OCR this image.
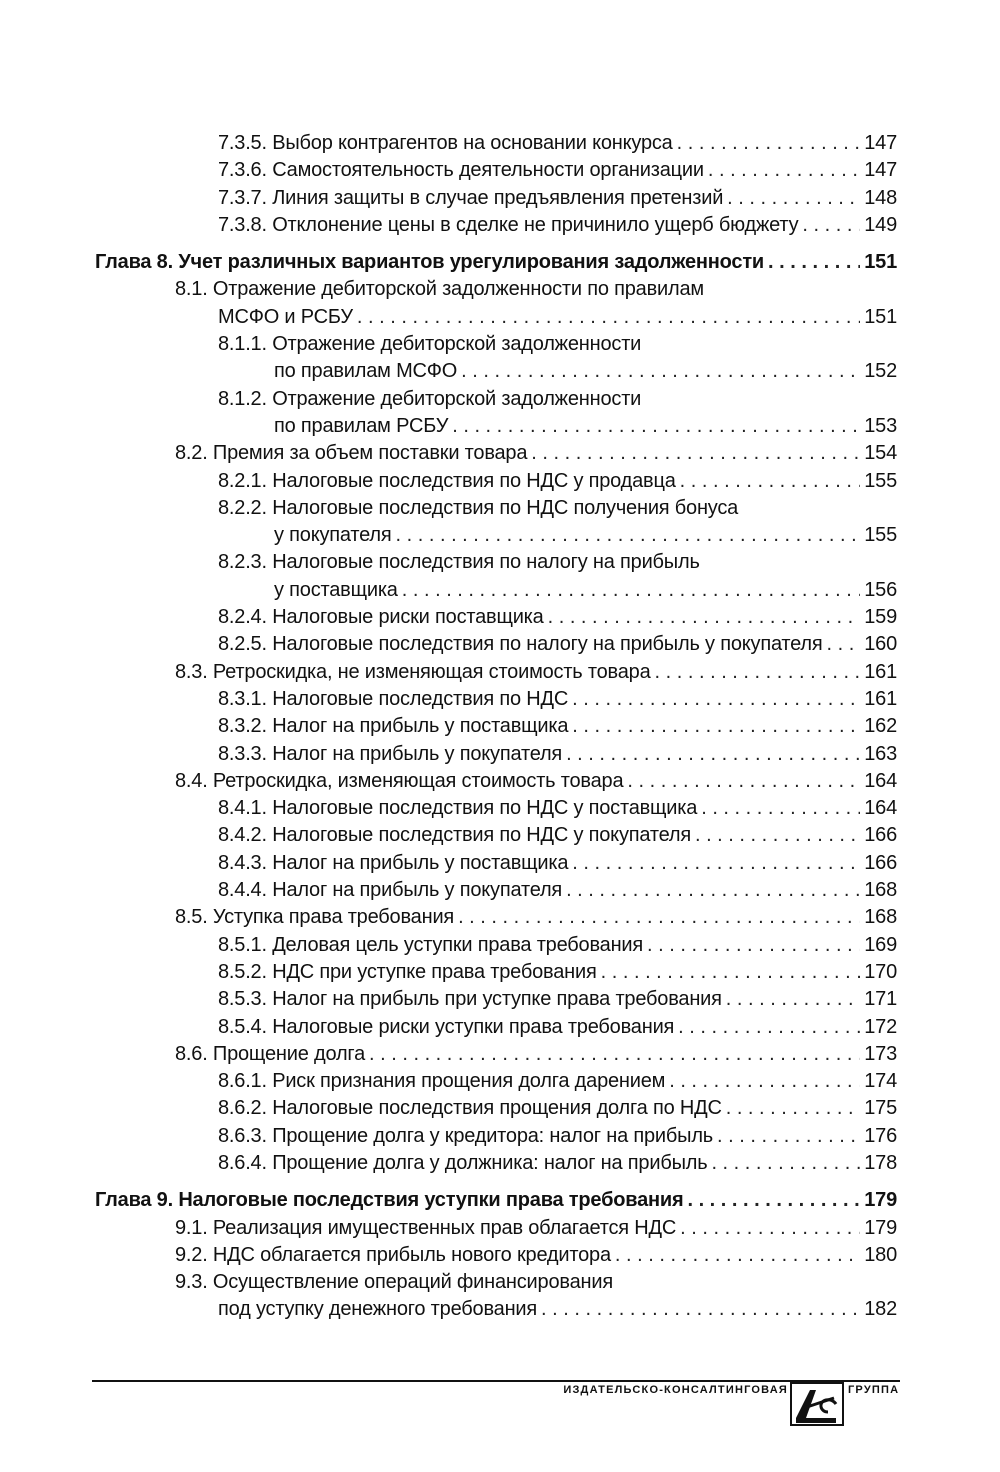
7.3.5. Выбор контрагентов на основании конкурса . . .	147
7.3.6. Самостоятельность деятельности организации . . .	147
7.3.7. Линия защиты в случае предъявления претензий . . .	148
7.3.8. Отклонение цены в сделке не причинило ущерб бюджету . . .	149
Глава 8. Учет различных вариантов урегулирования задолженности . . .	151
8.1. Отражение дебиторской задолженности по правилам
МСФО и РСБУ . . .	151
8.1.1. Отражение дебиторской задолженности
по правилам МСФО . . .	152
8.1.2. Отражение дебиторской задолженности
по правилам РСБУ . . .	153
8.2. Премия за объем поставки товара . . .	154
8.2.1. Налоговые последствия по НДС у продавца . . .	155
8.2.2. Налоговые последствия по НДС получения бонуса
у покупателя . . .	155
8.2.3. Налоговые последствия по налогу на прибыль
у поставщика . . .	156
8.2.4. Налоговые риски поставщика . . .	159
8.2.5. Налоговые последствия по налогу на прибыль у покупателя . . . 160
8.3. Ретроскидка, не изменяющая стоимость товара . . .	161
8.3.1. Налоговые последствия по НДС . . .	161
8.3.2. Налог на прибыль у поставщика . . .	162
8.3.3. Налог на прибыль у покупателя . . .	163
8.4. Ретроскидка, изменяющая стоимость товара . . .	164
8.4.1. Налоговые последствия по НДС у поставщика . . .	164
8.4.2. Налоговые последствия по НДС у покупателя . . .	166
8.4.3. Налог на прибыль у поставщика . . .	166
8.4.4. Налог на прибыль у покупателя . . .	168
8.5. Уступка права требования . . .	168
8.5.1. Деловая цель уступки права требования . . .	169
8.5.2. НДС при уступке права требования . . .	170
8.5.3. Налог на прибыль при уступке права требования . . .	171
8.5.4. Налоговые риски уступки права требования . . .	172
8.6. Прощение долга . . .	173
8.6.1. Риск признания прощения долга дарением . . .	174
8.6.2. Налоговые последствия прощения долга по НДС . . .	175
8.6.3. Прощение долга у кредитора: налог на прибыль . . .	176
8.6.4. Прощение долга у должника: налог на прибыль . . .	178
Глава 9. Налоговые последствия уступки права требования . . .	179
9.1. Реализация имущественных прав облагается НДС . . .	179
9.2. НДС облагается прибыль нового кредитора . . .	180
9.3. Осуществление операций финансирования
под уступку денежного требования . . .	182
ИЗДАТЕЛЬСКО-КОНСАЛТИНГОВАЯ	ГРУППА
